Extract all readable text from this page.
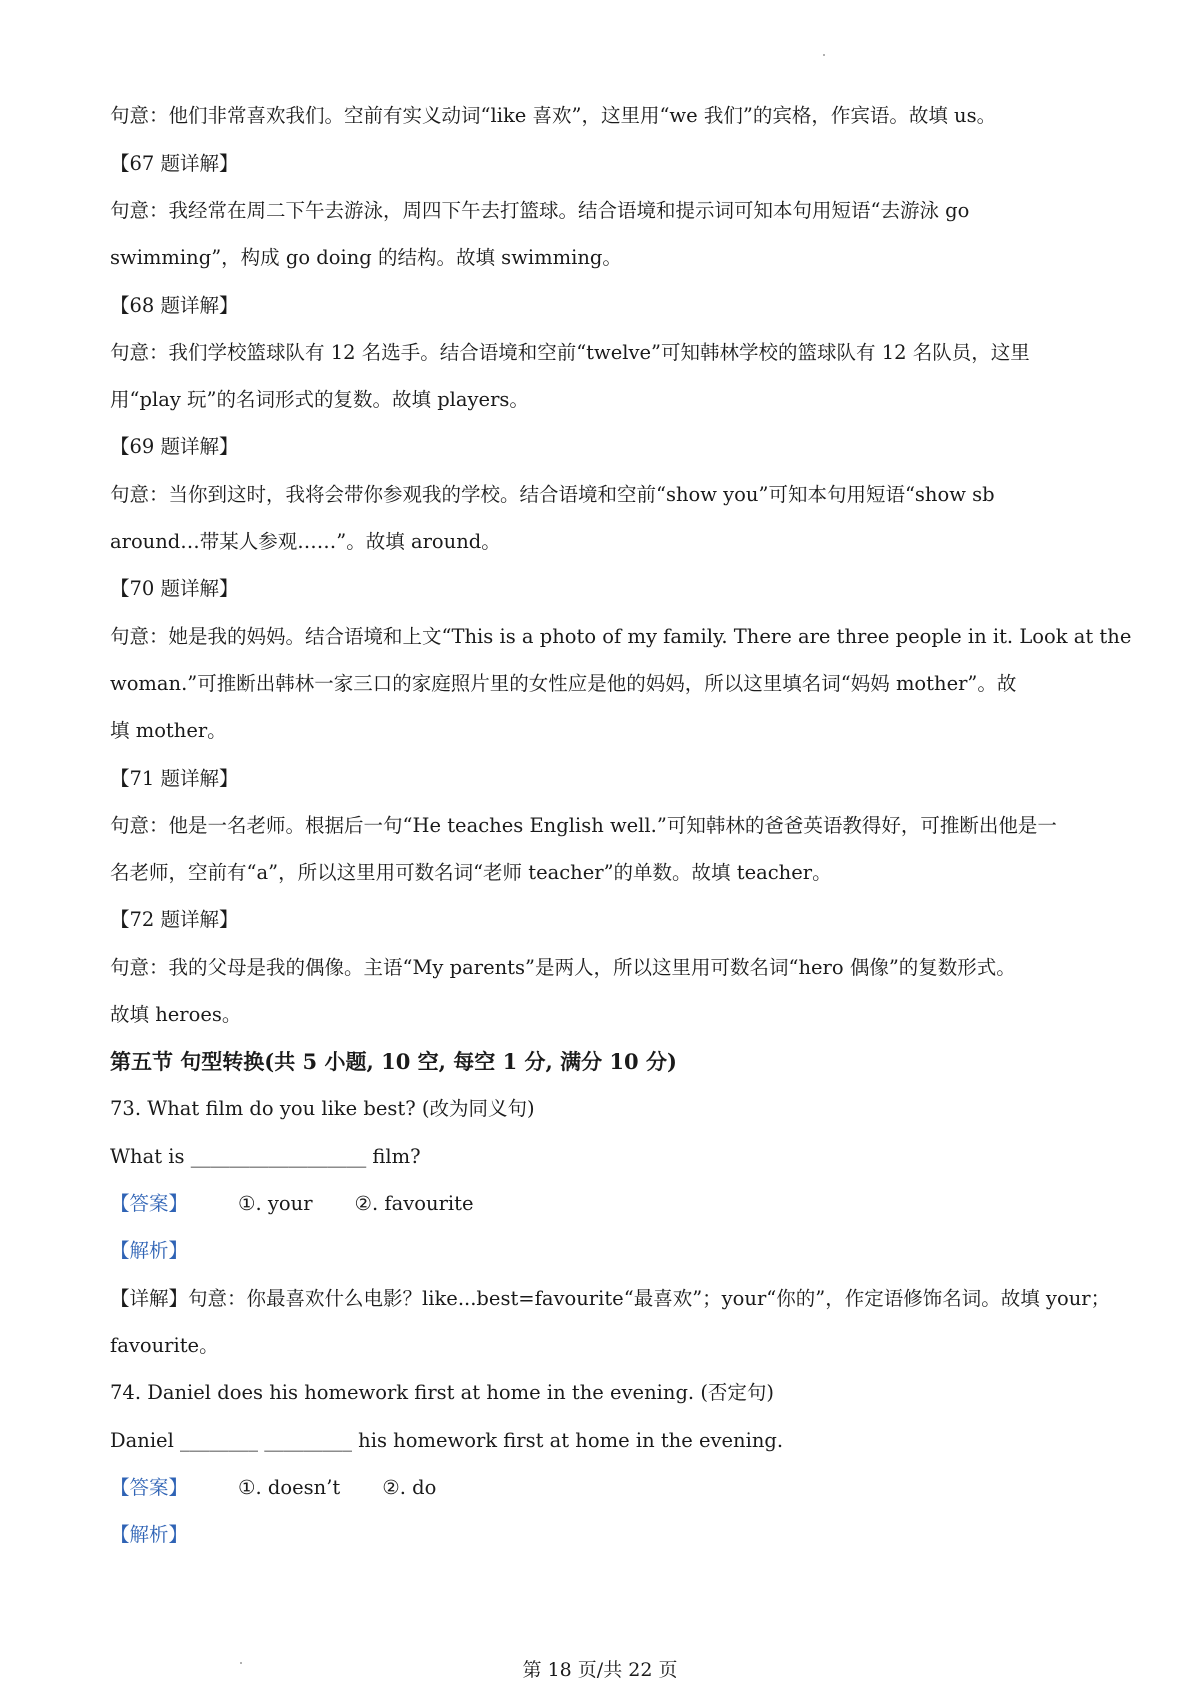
句意：他们非常喜欢我们。空前有实义动词“like 喜欢”，这里用“we 我们”的宾格，作宾语。故填 us。
【67 题详解】
句意：我经常在周二下午去游泳，周四下午去打篮球。结合语境和提示词可知本句用短语“去游泳 go
swimming”，构成 go doing 的结构。故填 swimming。
【68 题详解】
句意：我们学校篮球队有 12 名选手。结合语境和空前“twelve”可知韩林学校的篮球队有 12 名队员，这里
用“play 玩”的名词形式的复数。故填 players。
【69 题详解】
句意：当你到这时，我将会带你参观我的学校。结合语境和空前“show you”可知本句用短语“show sb
around…带某人参观……”。故填 around。
【70 题详解】
句意：她是我的妈妈。结合语境和上文“This is a photo of my family. There are three people in it. Look at the
woman.”可推断出韩林一家三口的家庭照片里的女性应是他的妈妈，所以这里填名词“妈妈 mother”。故
填 mother。
【71 题详解】
句意：他是一名老师。根据后一句“He teaches English well.”可知韩林的爸爸英语教得好，可推断出他是一
名老师，空前有“a”，所以这里用可数名词“老师 teacher”的单数。故填 teacher。
【72 题详解】
句意：我的父母是我的偶像。主语“My parents”是两人，所以这里用可数名词“hero 偶像”的复数形式。
故填 heroes。
第五节 句型转换(共 5 小题, 10 空, 每空 1 分, 满分 10 分)
73. What film do you like best? (改为同义句)
What is __________________ film?
【答案】	①. your ②. favourite
【解析】
【详解】句意：你最喜欢什么电影？like...best=favourite“最喜欢”；your“你的”，作定语修饰名词。故填 your；
favourite。
74. Daniel does his homework first at home in the evening. (否定句)
Daniel ________ _________ his homework first at home in the evening.
【答案】	①. doesn’t ②. do
【解析】
第 18 页/共 22 页
